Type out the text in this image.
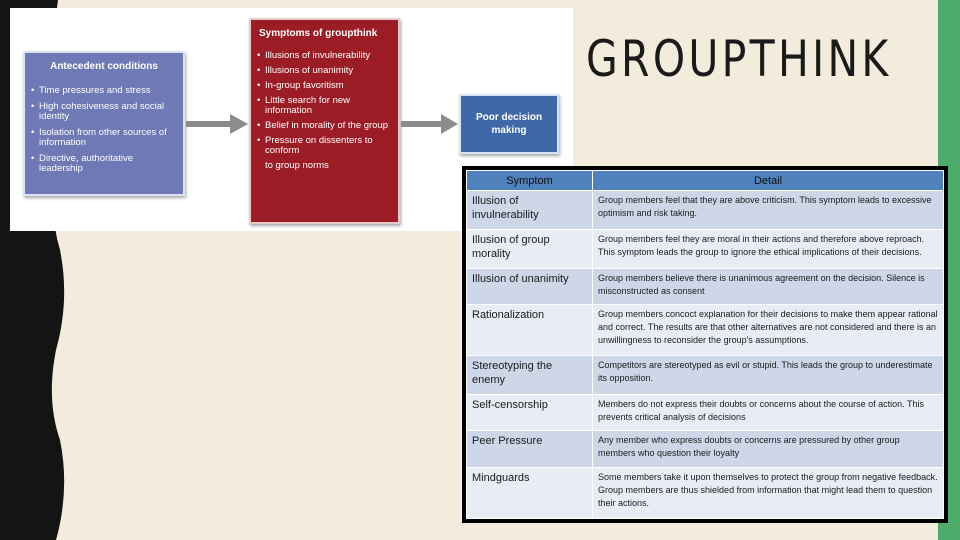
Antecedent conditions
• Time pressures and stress
• High cohesiveness and social identity
• Isolation from other sources of information
• Directive, authoritative leadership
Symptoms of groupthink
• Illusions of invulnerability
• Illusions of unanimity
• In-group favoritism
• Little search for new information
• Belief in morality of the group
• Pressure on dissenters to conform
to group norms
Poor decision making
GROUPTHINK
Symptom	Detail
Illusion of invulnerability	Group members feel that they are above criticism. This symptom leads to excessive optimism and risk taking.
Illusion of group morality	Group members feel they are moral in their actions and therefore above reproach. This symptom leads the group to ignore the ethical implications of their decisions.
Illusion of unanimity	Group members believe there is unanimous agreement on the decision. Silence is misconstructed as consent
Rationalization	Group members concoct explanation for their decisions to make them appear rational and correct. The results are that other alternatives are not considered and there is an unwillingness to reconsider the group's assumptions.
Stereotyping the enemy	Competitors are stereotyped as evil or stupid. This leads the group to underestimate its opposition.
Self-censorship	Members do not express their doubts or concerns about the course of action. This prevents critical analysis of decisions
Peer Pressure	Any member who express doubts or concerns are pressured by other group members who question their loyalty
Mindguards	Some members take it upon themselves to protect the group from negative feedback. Group members are thus shielded from information that might lead them to question their actions.
